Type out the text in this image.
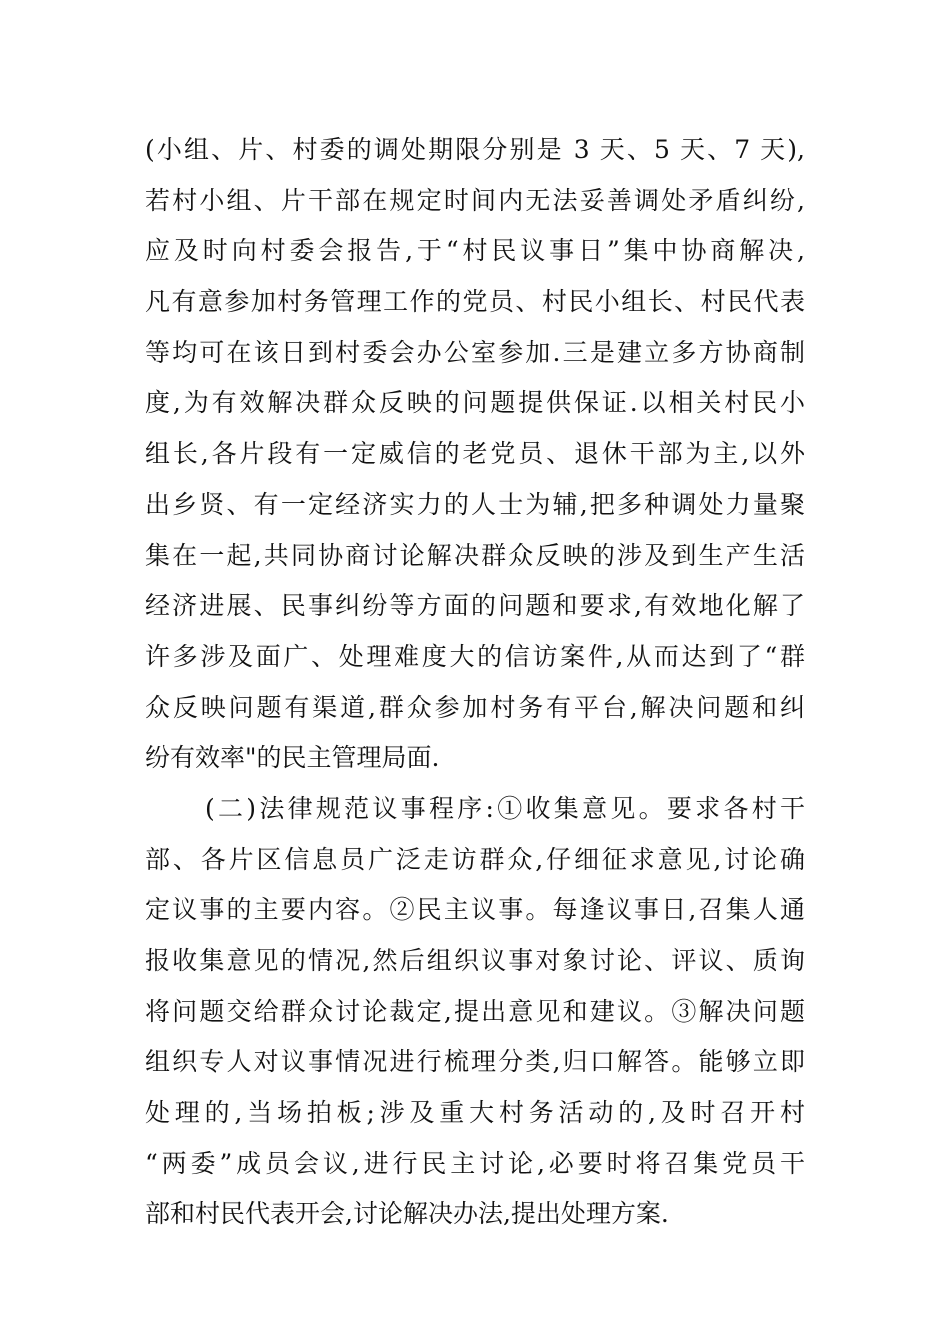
(小组、片、村委的调处期限分别是 3 天、5 天、7 天),
若村小组、片干部在规定时间内无法妥善调处矛盾纠纷,
应及时向村委会报告,于“村民议事日”集中协商解决,
凡有意参加村务管理工作的党员、村民小组长、村民代表
等均可在该日到村委会办公室参加.三是建立多方协商制
度,为有效解决群众反映的问题提供保证.以相关村民小
组长,各片段有一定威信的老党员、退休干部为主,以外
出乡贤、有一定经济实力的人士为辅,把多种调处力量聚
集在一起,共同协商讨论解决群众反映的涉及到生产生活
经济进展、民事纠纷等方面的问题和要求,有效地化解了
许多涉及面广、处理难度大的信访案件,从而达到了“群
众反映问题有渠道,群众参加村务有平台,解决问题和纠
纷有效率"的民主管理局面.
(二)法律规范议事程序:①收集意见。要求各村干
部、各片区信息员广泛走访群众,仔细征求意见,讨论确
定议事的主要内容。②民主议事。每逢议事日,召集人通
报收集意见的情况,然后组织议事对象讨论、评议、质询
将问题交给群众讨论裁定,提出意见和建议。③解决问题
组织专人对议事情况进行梳理分类,归口解答。能够立即
处理的,当场拍板;涉及重大村务活动的,及时召开村
“两委”成员会议,进行民主讨论,必要时将召集党员干
部和村民代表开会,讨论解决办法,提出处理方案.
